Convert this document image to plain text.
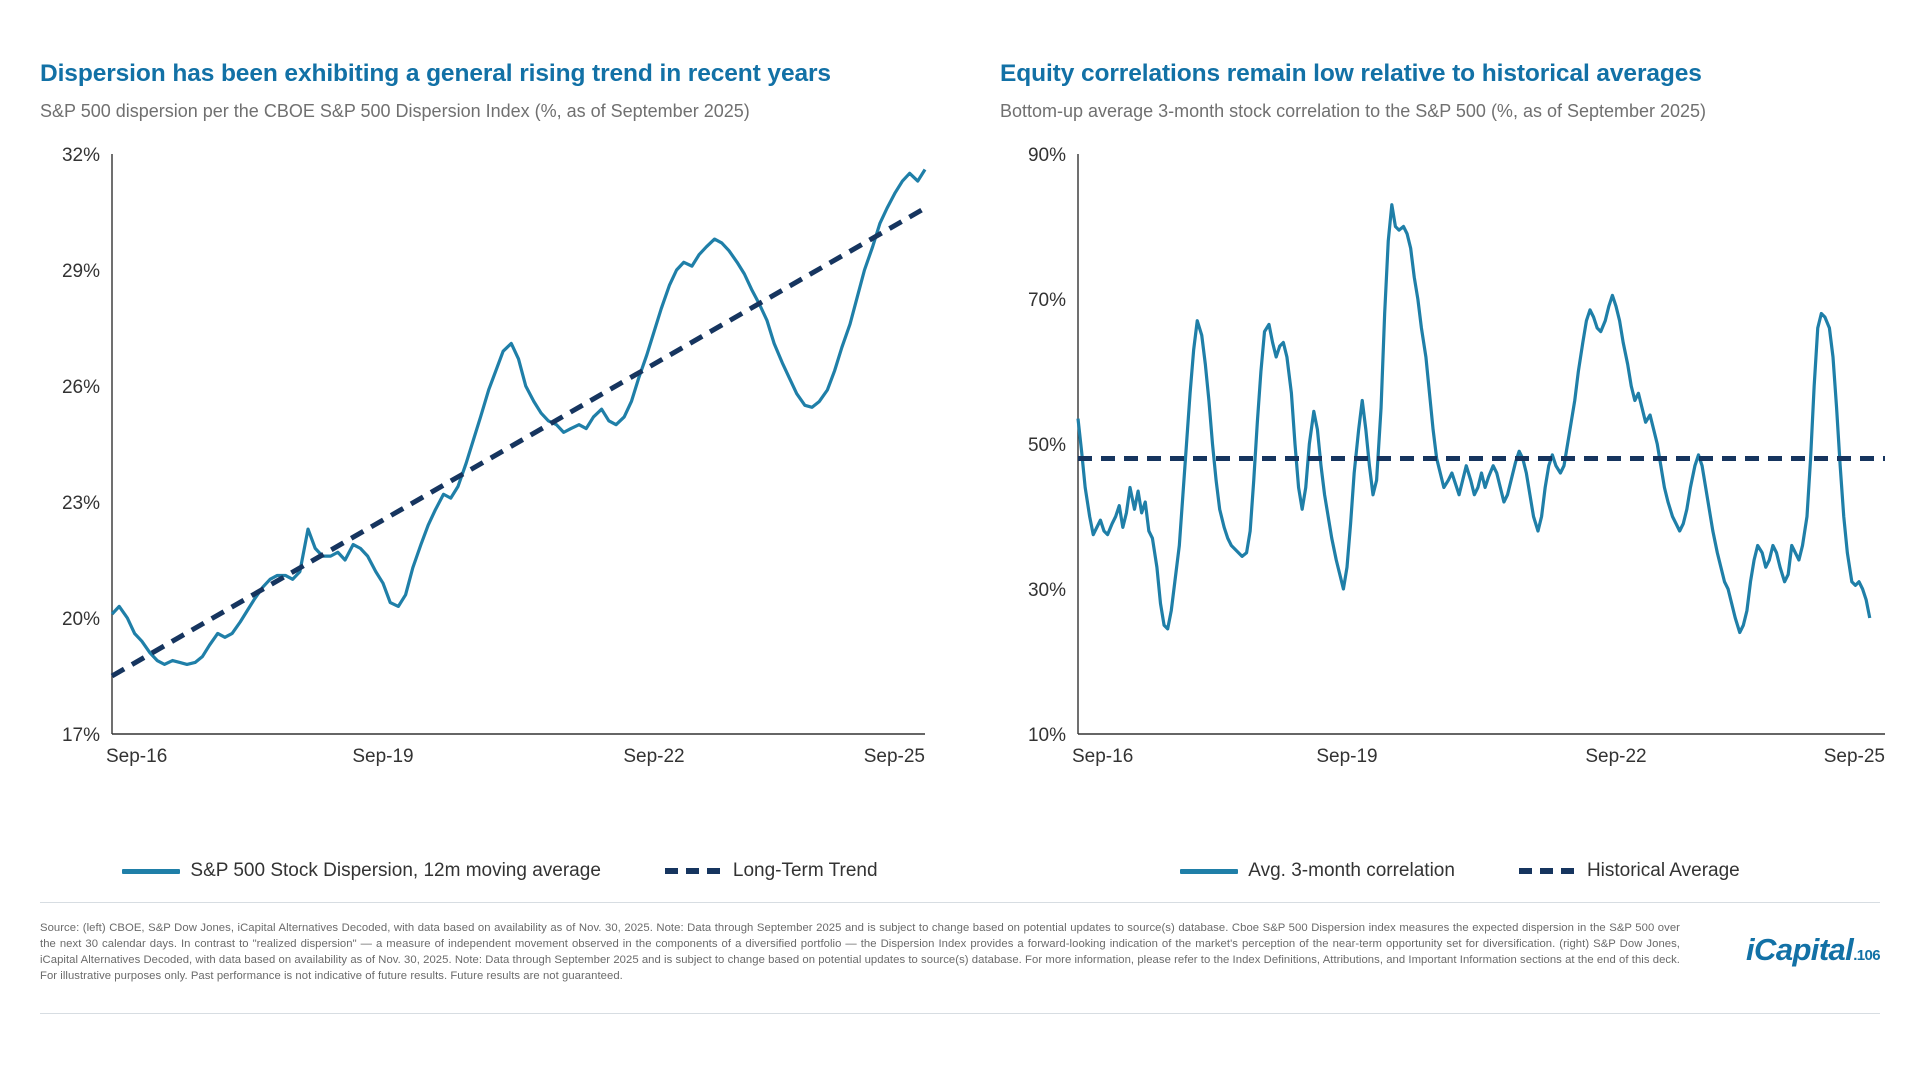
Dispersion has been exhibiting a general rising trend in recent years

S&P 500 dispersion per the CBOE S&P 500 Dispersion Index (%, as of September 2025)

17%
20%
23%
26%
29%
32%
Sep-16	Sep-19	Sep-22	Sep-25
S&P 500 Stock Dispersion, 12m moving average	Long-Term Trend
Equity correlations remain low relative to historical averages

Bottom-up average 3-month stock correlation to the S&P 500 (%, as of September 2025)

10%
30%
50%
70%
90%
Sep-16	Sep-19	Sep-22	Sep-25
Avg. 3-month correlation	Historical Average
Source: (left) CBOE, S&P Dow Jones, iCapital Alternatives Decoded, with data based on availability as of Nov. 30, 2025. Note: Data through September 2025 and is subject to change based on potential updates to source(s) database. Cboe S&P 500 Dispersion index measures the expected dispersion in the S&P 500 over the next 30 calendar days. In contrast to "realized dispersion" — a measure of independent movement observed in the components of a diversified portfolio — the Dispersion Index provides a forward-looking indication of the market's perception of the near-term opportunity set for diversification. (right) S&P Dow Jones, iCapital Alternatives Decoded, with data based on availability as of Nov. 30, 2025. Note: Data through September 2025 and is subject to change based on potential updates to source(s) database. For more information, please refer to the Index Definitions, Attributions, and Important Information sections at the end of this deck. For illustrative purposes only. Past performance is not indicative of future results. Future results are not guaranteed.
iCapital.106
